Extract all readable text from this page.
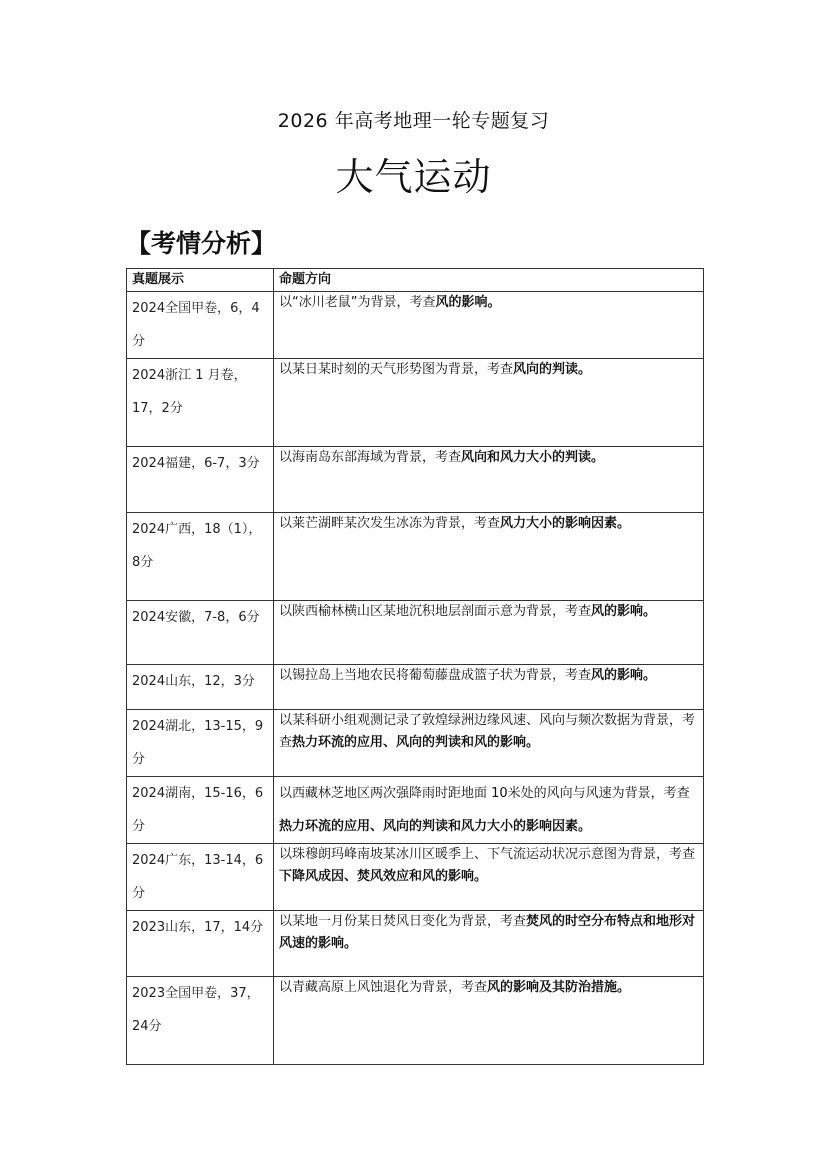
2026 年高考地理一轮专题复习
大气运动
【考情分析】
真题展示	命题方向
2024全国甲卷，6，4分	以“冰川老鼠”为背景，考查风的影响。
2024浙江 1 月卷，17，2分	以某日某时刻的天气形势图为背景，考查风向的判读。
2024福建，6-7，3分	以海南岛东部海域为背景，考查风向和风力大小的判读。
2024广西，18（1），8分	以莱芒湖畔某次发生冰冻为背景，考查风力大小的影响因素。
2024安徽，7-8，6分	以陕西榆林横山区某地沉积地层剖面示意为背景，考查风的影响。
2024山东，12，3分	以锡拉岛上当地农民将葡萄藤盘成篮子状为背景，考查风的影响。
2024湖北，13-15，9分	以某科研小组观测记录了敦煌绿洲边缘风速、风向与频次数据为背景，考查热力环流的应用、风向的判读和风的影响。
2024湖南，15-16，6分	以西藏林芝地区两次强降雨时距地面 10米处的风向与风速为背景，考查热力环流的应用、风向的判读和风力大小的影响因素。
2024广东，13-14，6分	以珠穆朗玛峰南坡某冰川区暖季上、下气流运动状况示意图为背景，考查下降风成因、焚风效应和风的影响。
2023山东，17，14分	以某地一月份某日焚风日变化为背景，考查焚风的时空分布特点和地形对风速的影响。
2023全国甲卷，37，24分	以青藏高原上风蚀退化为背景，考查风的影响及其防治措施。
